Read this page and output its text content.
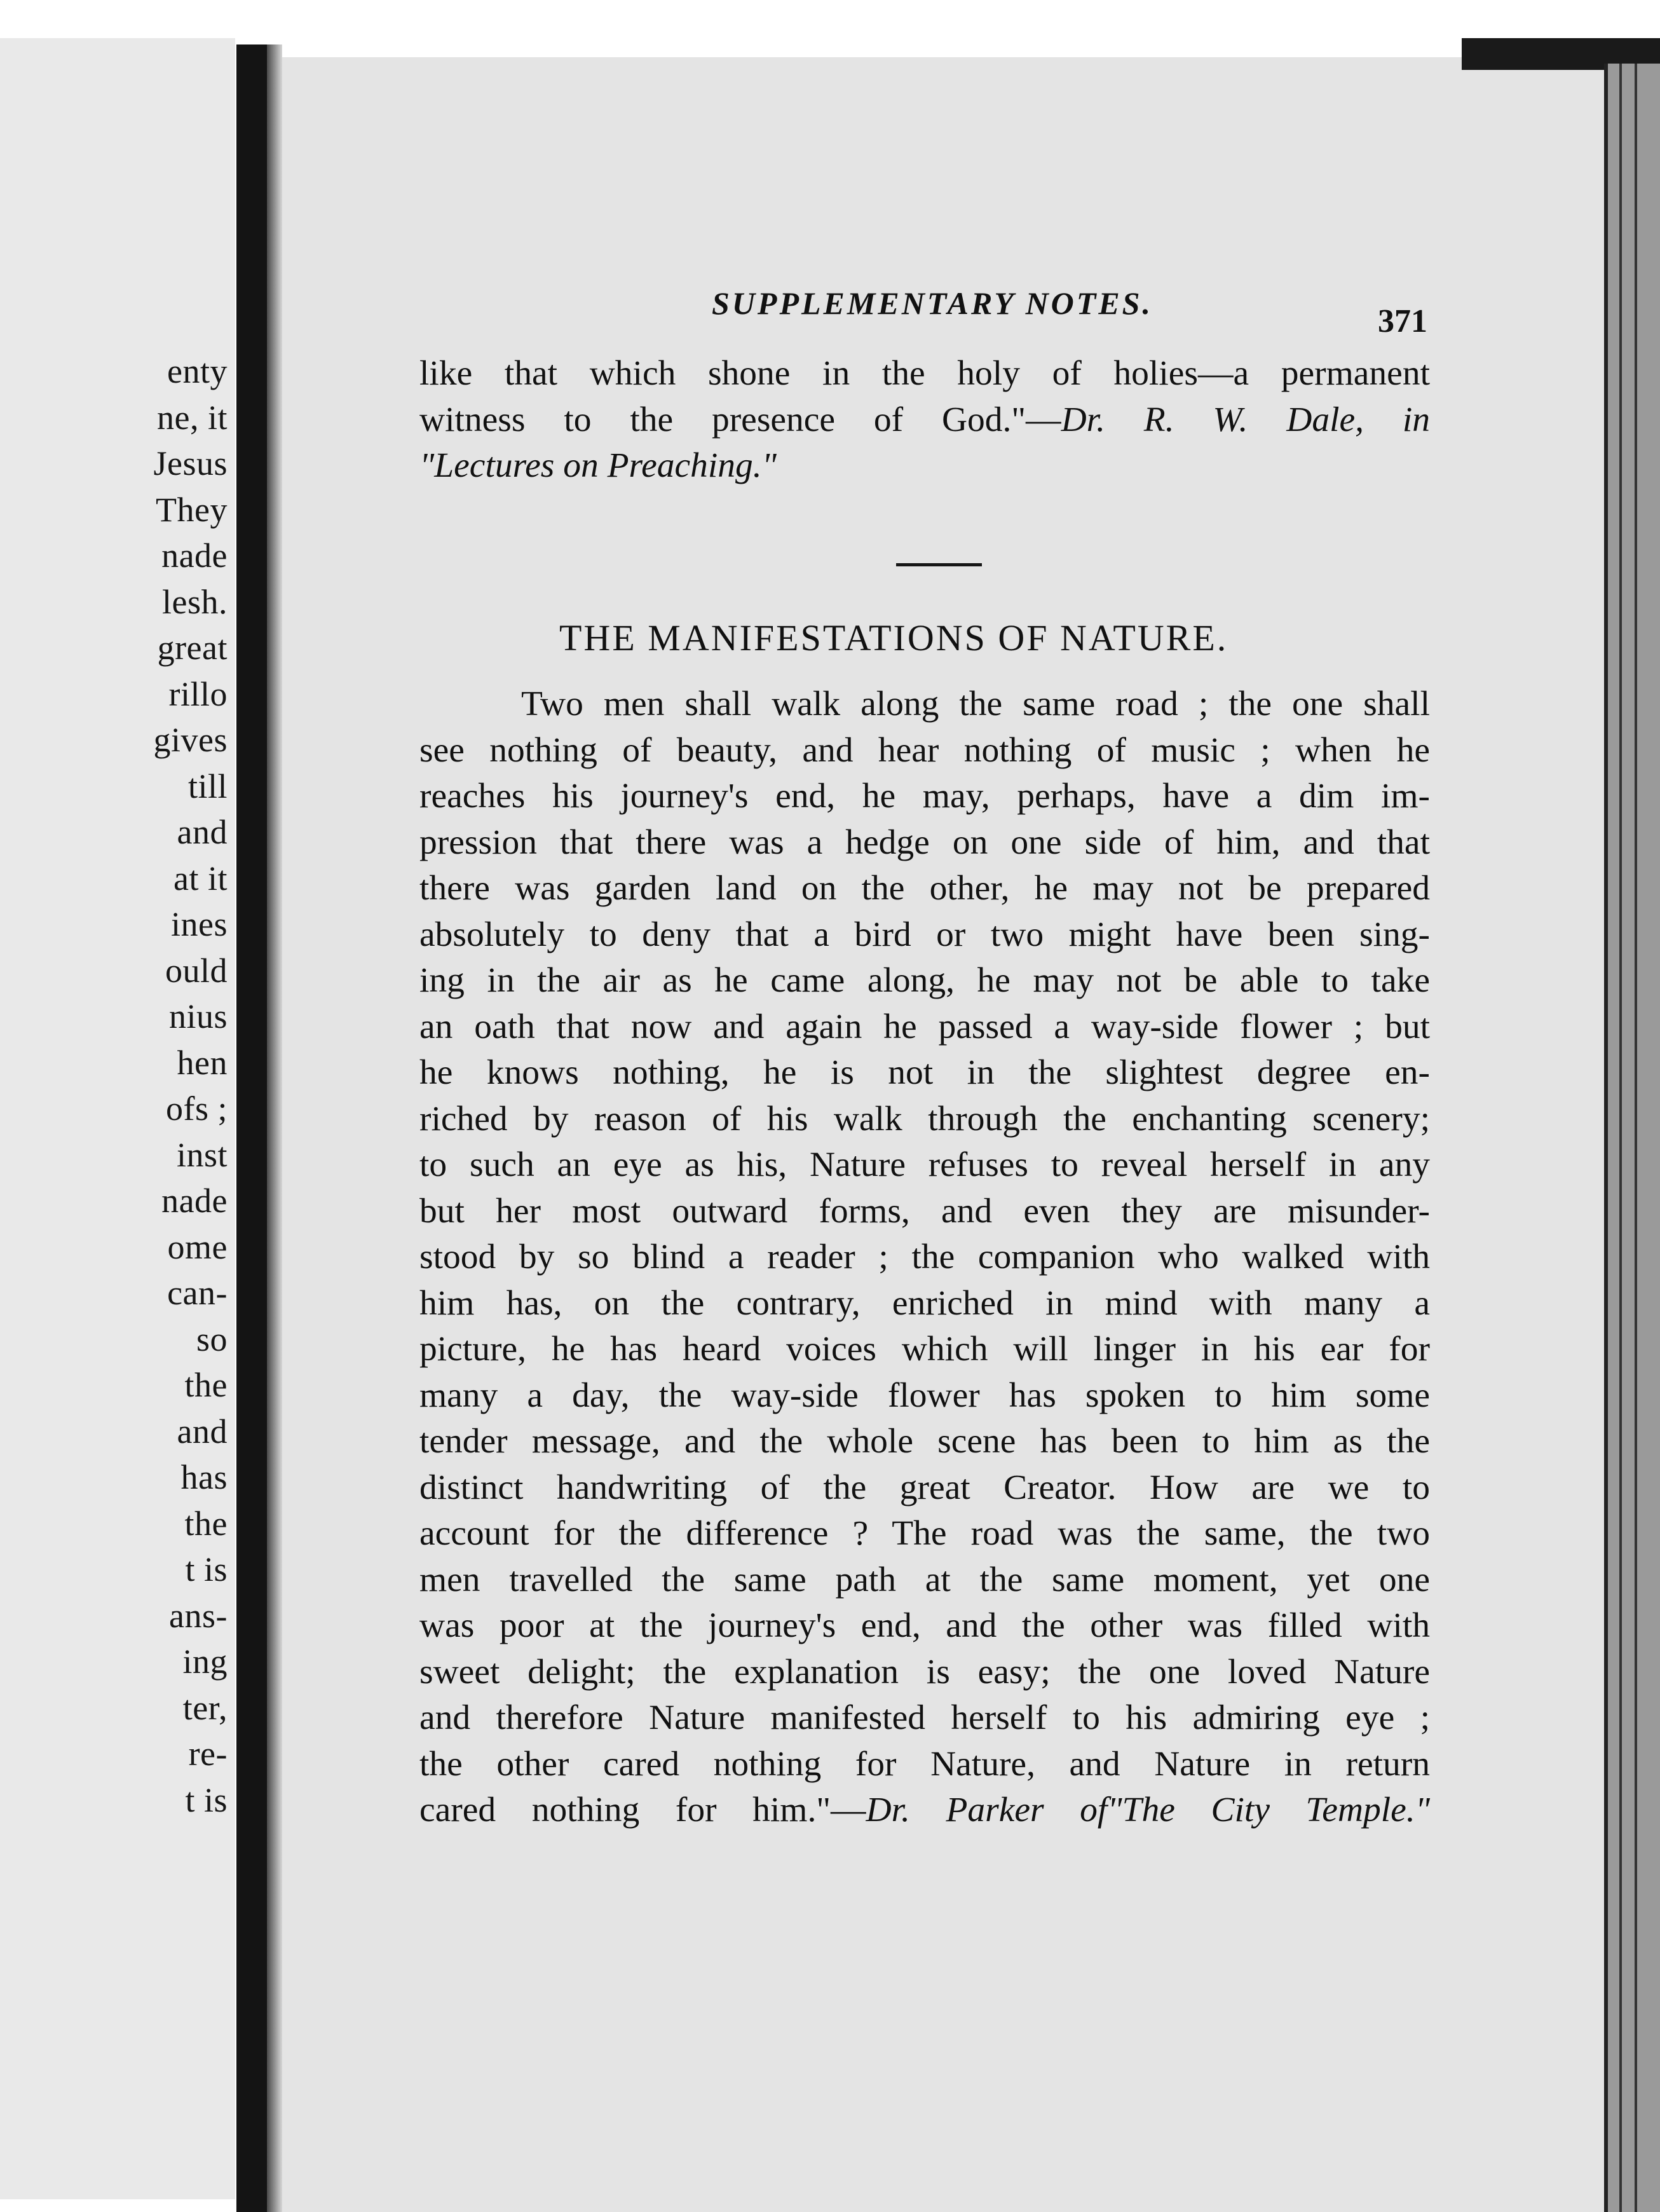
enty
ne, it
Jesus
They
nade
lesh.
great
rillo
gives
till
and
at it
ines
ould
nius
hen
ofs ;
inst
nade
ome
can-
so
the
and
has
the
t is
ans-
ing
ter,
re-
t is
SUPPLEMENTARY NOTES.	371
like that which shone in the holy of holies—a permanent
witness to the presence of God."—Dr. R. W. Dale, in
"Lectures on Preaching."
THE MANIFESTATIONS OF NATURE.
Two men shall walk along the same road ; the one shall
see nothing of beauty, and hear nothing of music ; when he
reaches his journey's end, he may, perhaps, have a dim im-
pression that there was a hedge on one side of him, and that
there was garden land on the other, he may not be prepared
absolutely to deny that a bird or two might have been sing-
ing in the air as he came along, he may not be able to take
an oath that now and again he passed a way-side flower ; but
he knows nothing, he is not in the slightest degree en-
riched by reason of his walk through the enchanting scenery;
to such an eye as his, Nature refuses to reveal herself in any
but her most outward forms, and even they are misunder-
stood by so blind a reader ; the companion who walked with
him has, on the contrary, enriched in mind with many a
picture, he has heard voices which will linger in his ear for
many a day, the way-side flower has spoken to him some
tender message, and the whole scene has been to him as the
distinct handwriting of the great Creator. How are we to
account for the difference ? The road was the same, the two
men travelled the same path at the same moment, yet one
was poor at the journey's end, and the other was filled with
sweet delight; the explanation is easy; the one loved Nature
and therefore Nature manifested herself to his admiring eye ;
the other cared nothing for Nature, and Nature in return
cared nothing for him."—Dr. Parker of"The City Temple."
